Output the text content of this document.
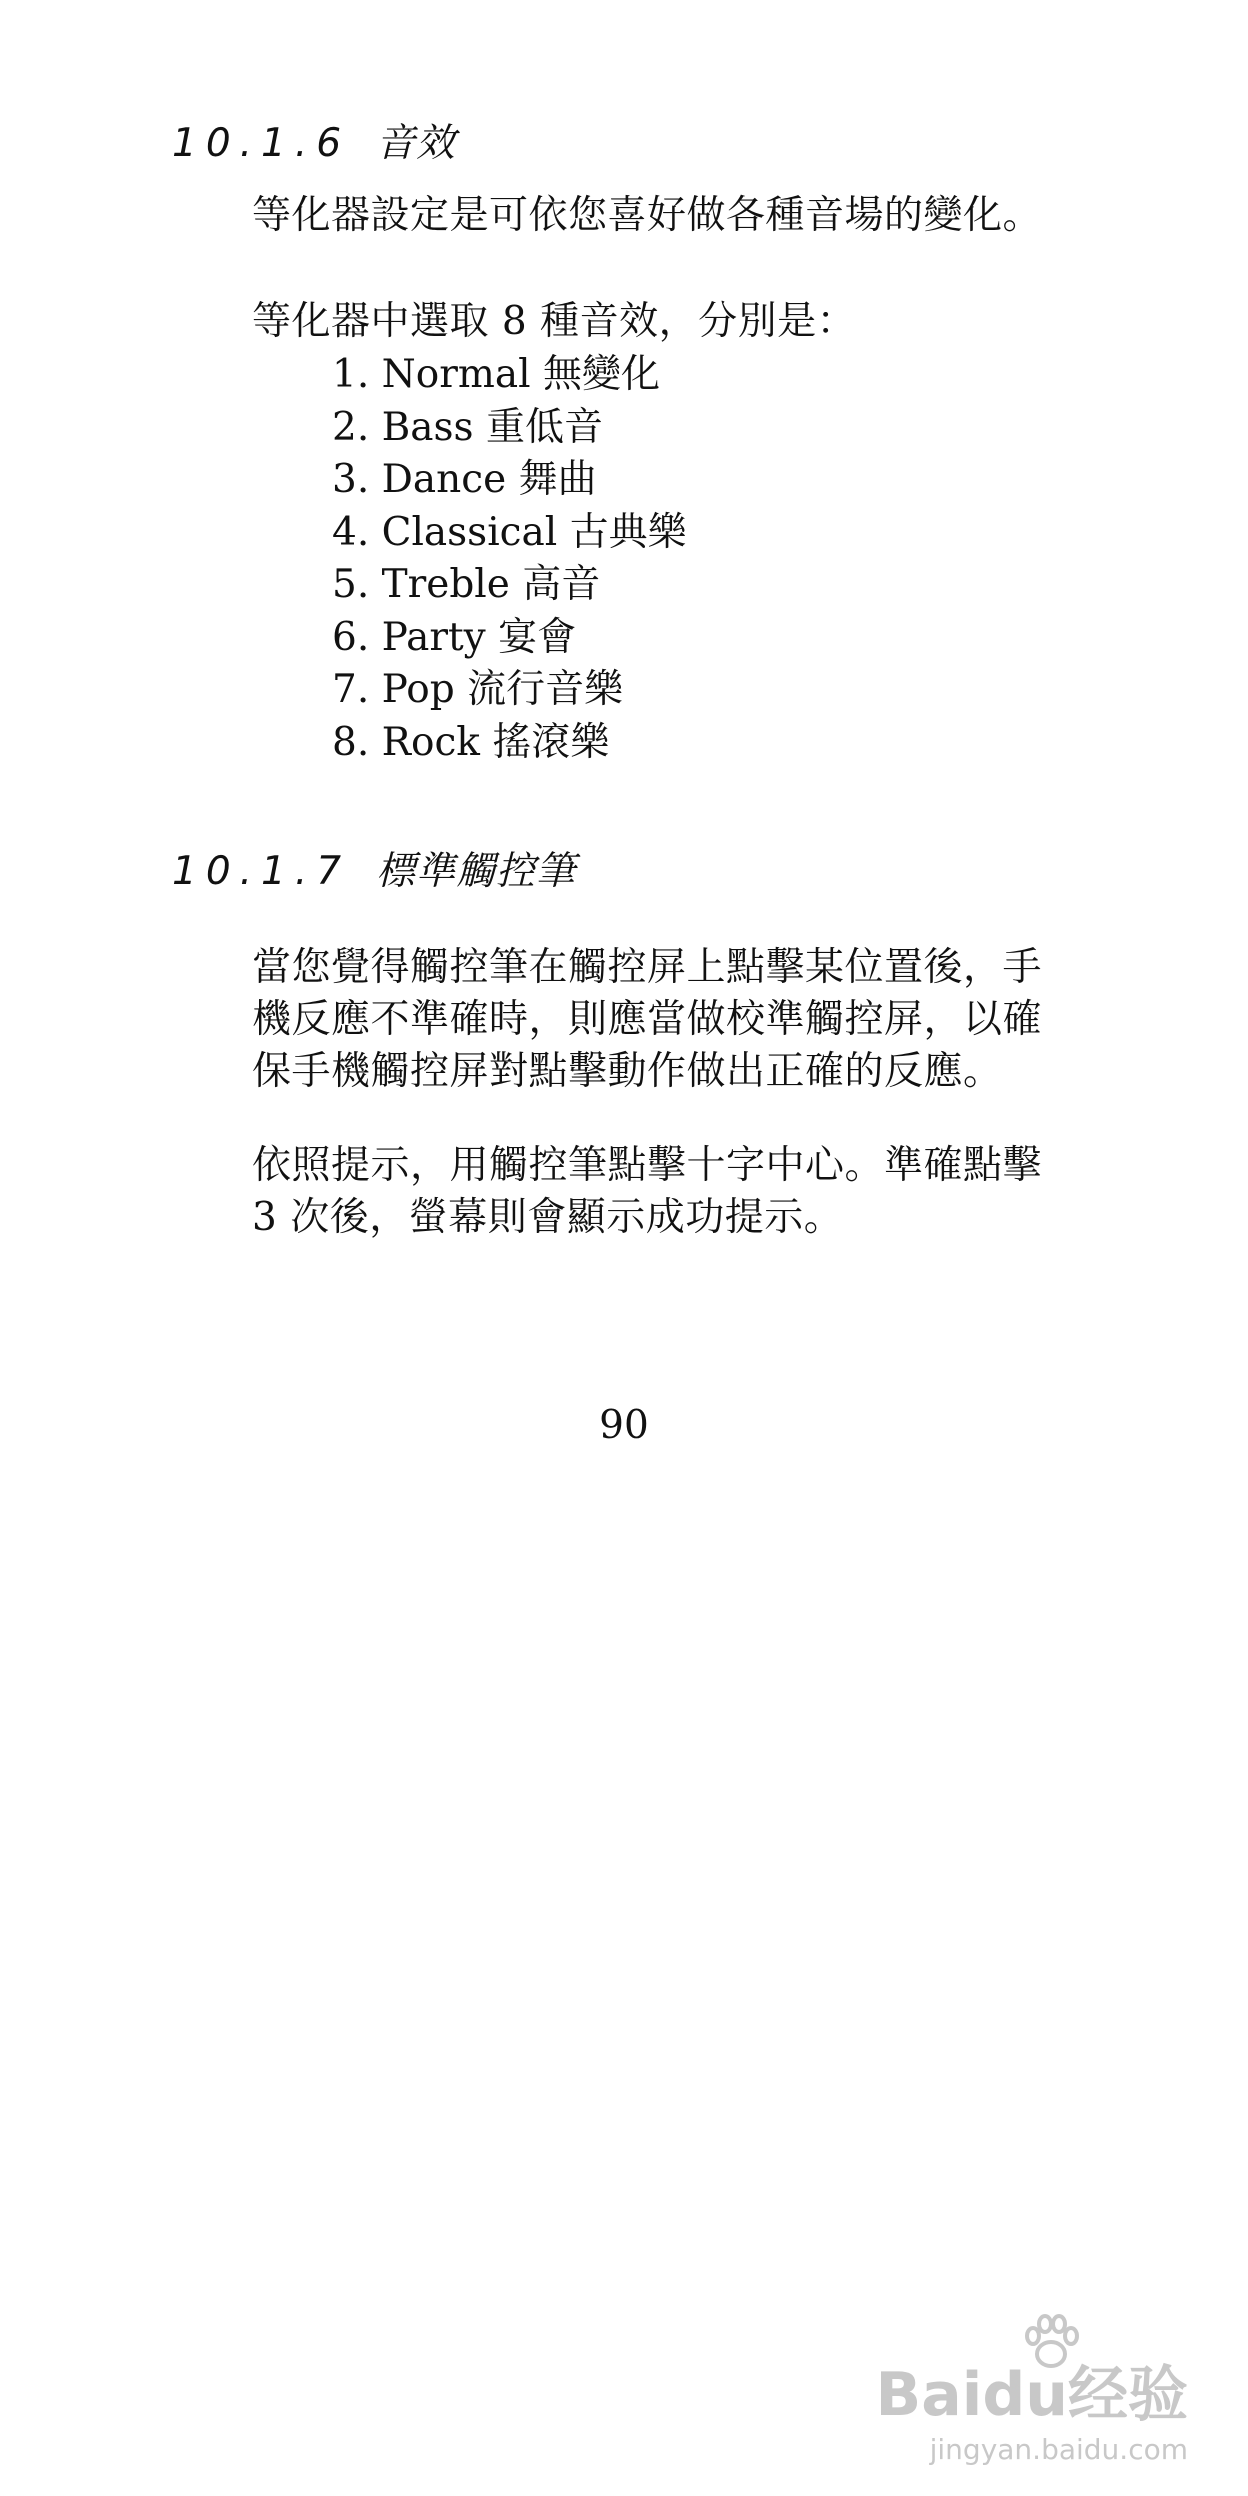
10.1.6 音效
等化器設定是可依您喜好做各種音場的變化。
等化器中選取 8 種音效，分別是：
1. Normal 無變化
2. Bass 重低音
3. Dance 舞曲
4. Classical 古典樂
5. Treble 高音
6. Party 宴會
7. Pop 流行音樂
8. Rock 搖滾樂
10.1.7 標準觸控筆
當您覺得觸控筆在觸控屏上點擊某位置後，手
機反應不準確時，則應當做校準觸控屏，以確
保手機觸控屏對點擊動作做出正確的反應。
依照提示，用觸控筆點擊十字中心。準確點擊
3 次後，螢幕則會顯示成功提示。
90
Baidu经验
jingyan.baidu.com
